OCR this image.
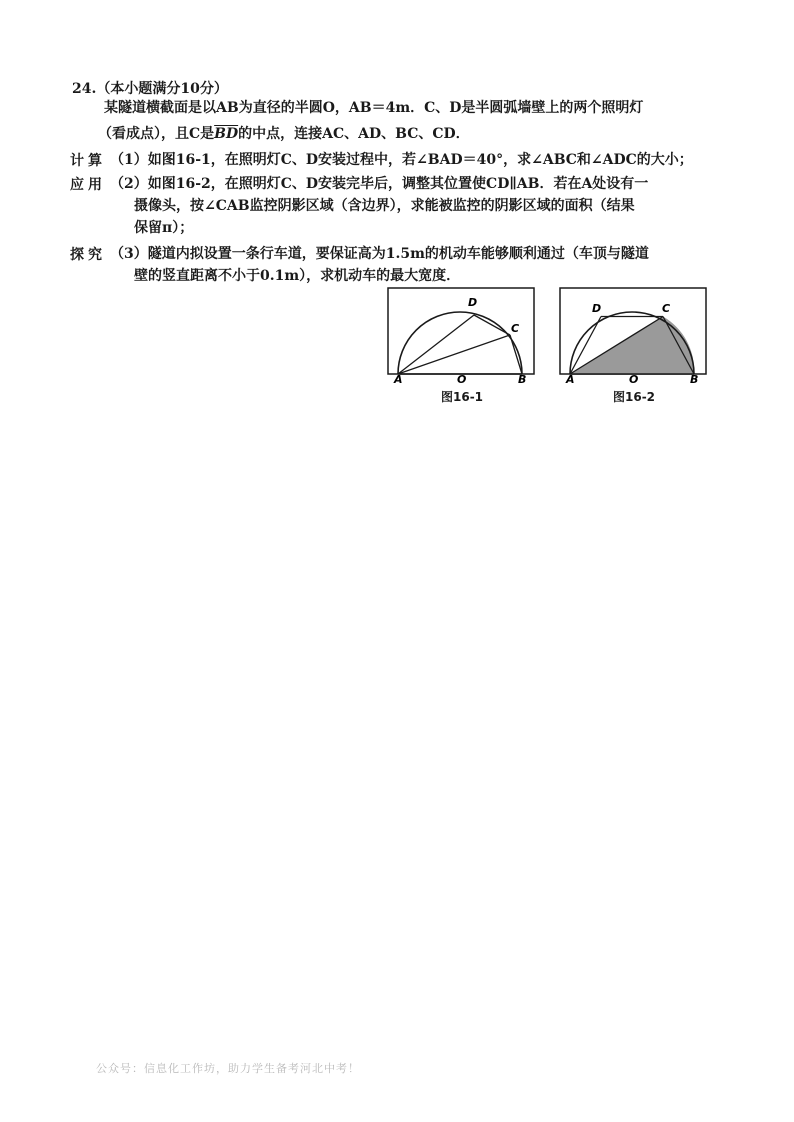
24.（本小题满分10分）
某隧道横截面是以AB为直径的半圆O，AB＝4m．C、D是半圆弧墙壁上的两个照明灯
（看成点），且C是$\overline{BD}$的中点，连接AC、AD、BC、CD．
计算 （1）如图16-1，在照明灯C、D安装过程中，若∠BAD＝40°，求∠ABC和∠ADC的大小；
应用 （2）如图16-2，在照明灯C、D安装完毕后，调整其位置使CD∥AB．若在A处设有一
摄像头，按∠CAB监控阴影区域（含边界），求能被监控的阴影区域的面积（结果
保留π）；
探究 （3）隧道内拟设置一条行车道，要保证高为1.5m的机动车能够顺利通过（车顶与隧道
壁的竖直距离不小于0.1m），求机动车的最大宽度．
D
C
A	O	B
图16-1
D	C
A	O	B
图16-2
公众号：信息化工作坊，助力学生备考河北中考！
